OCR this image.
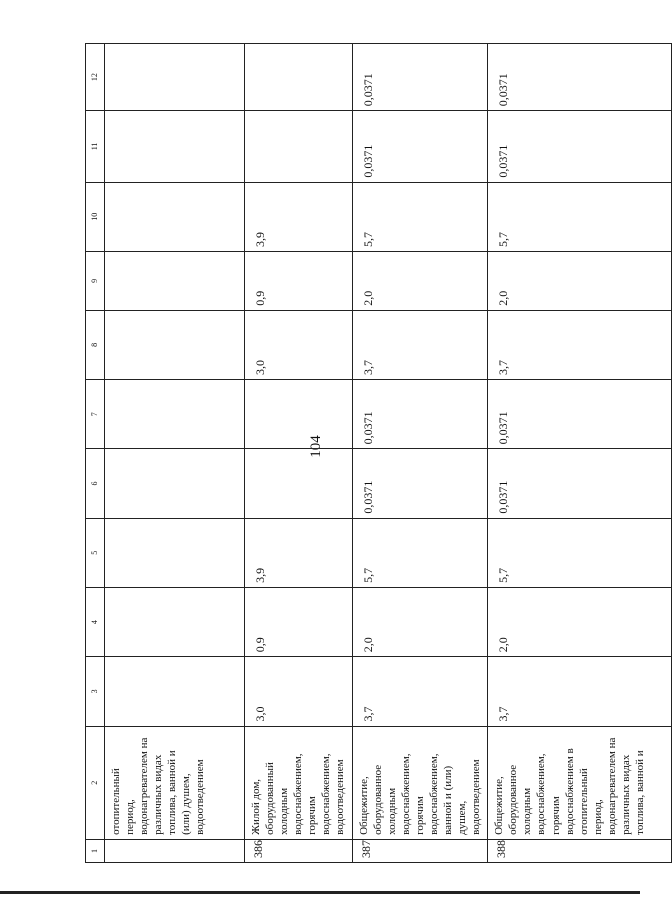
104
1	2	3	4	5	6	7	8	9	10	11	12
	отопительный период, водонагревателем на различных видах топлива, ванной и (или) душем, водоотведением										
386	Жилой дом, оборудованный холодным водоснабжением, горячим водоснабжением, водоотведением	3,0	0,9	3,9			3,0	0,9	3,9		
387	Общежитие, оборудованное холодным водоснабжением, горячим водоснабжением, ванной и (или) душем, водоотведением	3,7	2,0	5,7	0,0371	0,0371	3,7	2,0	5,7	0,0371	0,0371
388	Общежитие, оборудованное холодным водоснабжением, горячим водоснабжением в отопительный период, водонагревателем на различных видах топлива, ванной и	3,7	2,0	5,7	0,0371	0,0371	3,7	2,0	5,7	0,0371	0,0371
